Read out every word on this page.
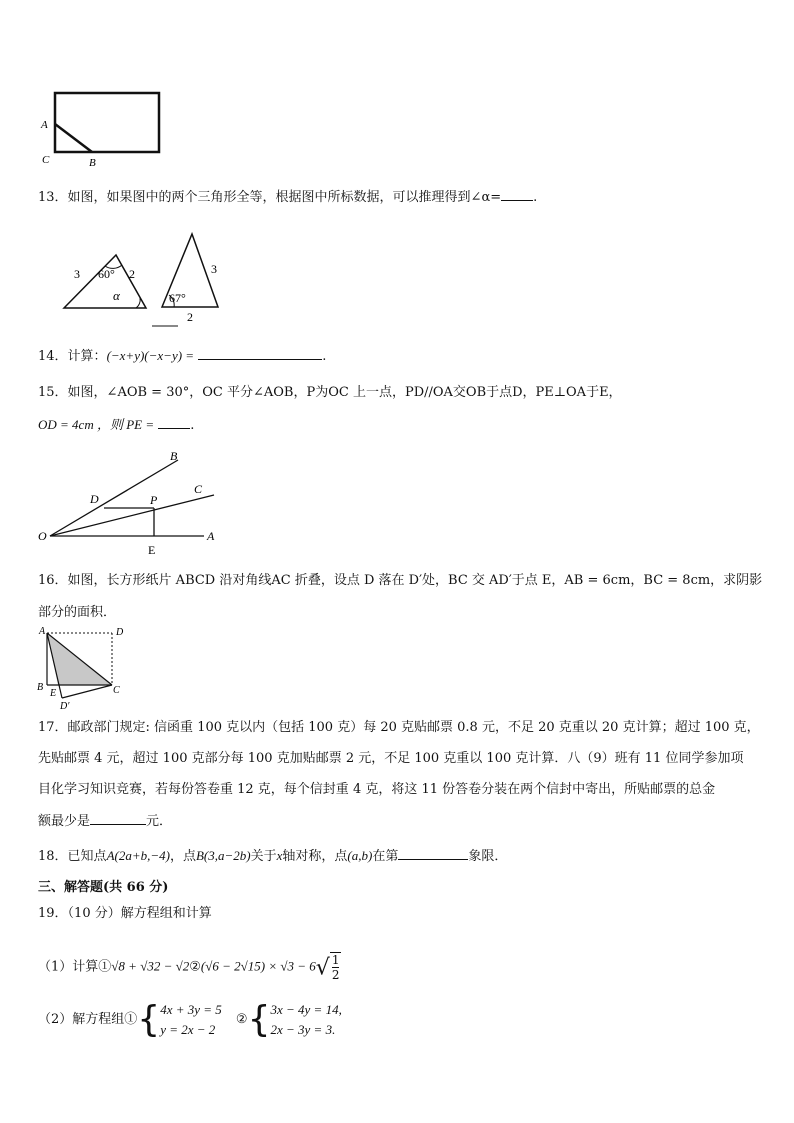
A
C	B
13．如图，如果图中的两个三角形全等，根据图中所标数据，可以推理得到∠α= .
3 60° 2
α
3
67°
2
14．计算：(−x+y)(−x−y) =	.
15．如图，∠AOB = 30°，OC 平分∠AOB，P为OC 上一点，PD//OA交OB于点D，PE⊥OA于E，
OD = 4cm ，则 PE =	.
B
C
D	P
O	A
E
16．如图，长方形纸片 ABCD 沿对角线AC 折叠，设点 D 落在 D′处，BC 交 AD′于点 E，AB = 6cm，BC = 8cm，求阴影
部分的面积．
A	D
B
E	C
D′
17．邮政部门规定: 信函重 100 克以内（包括 100 克）每 20 克贴邮票 0.8 元，不足 20 克重以 20 克计算；超过 100 克，
先贴邮票 4 元，超过 100 克部分每 100 克加贴邮票 2 元，不足 100 克重以 100 克计算．八（9）班有 11 位同学参加项
目化学习知识竞赛，若每份答卷重 12 克，每个信封重 4 克，将这 11 份答卷分装在两个信封中寄出，所贴邮票的总金
额最少是	元．
18．已知点A(2a+b,−4)，点B(3,a−2b)关于x轴对称，点(a,b)在第	象限．
三、解答题(共 66 分)
19．（10 分）解方程组和计算
（1）计算①√8 + √32 − √2②(√6 − $2√15) \times √3 - 6√ \frac{1}{2}$
（2）解方程组①{ 4x + 3y = 5
y = 2x − 2
②{ 3x − 4y = 14,
2x − 3y = 3.
